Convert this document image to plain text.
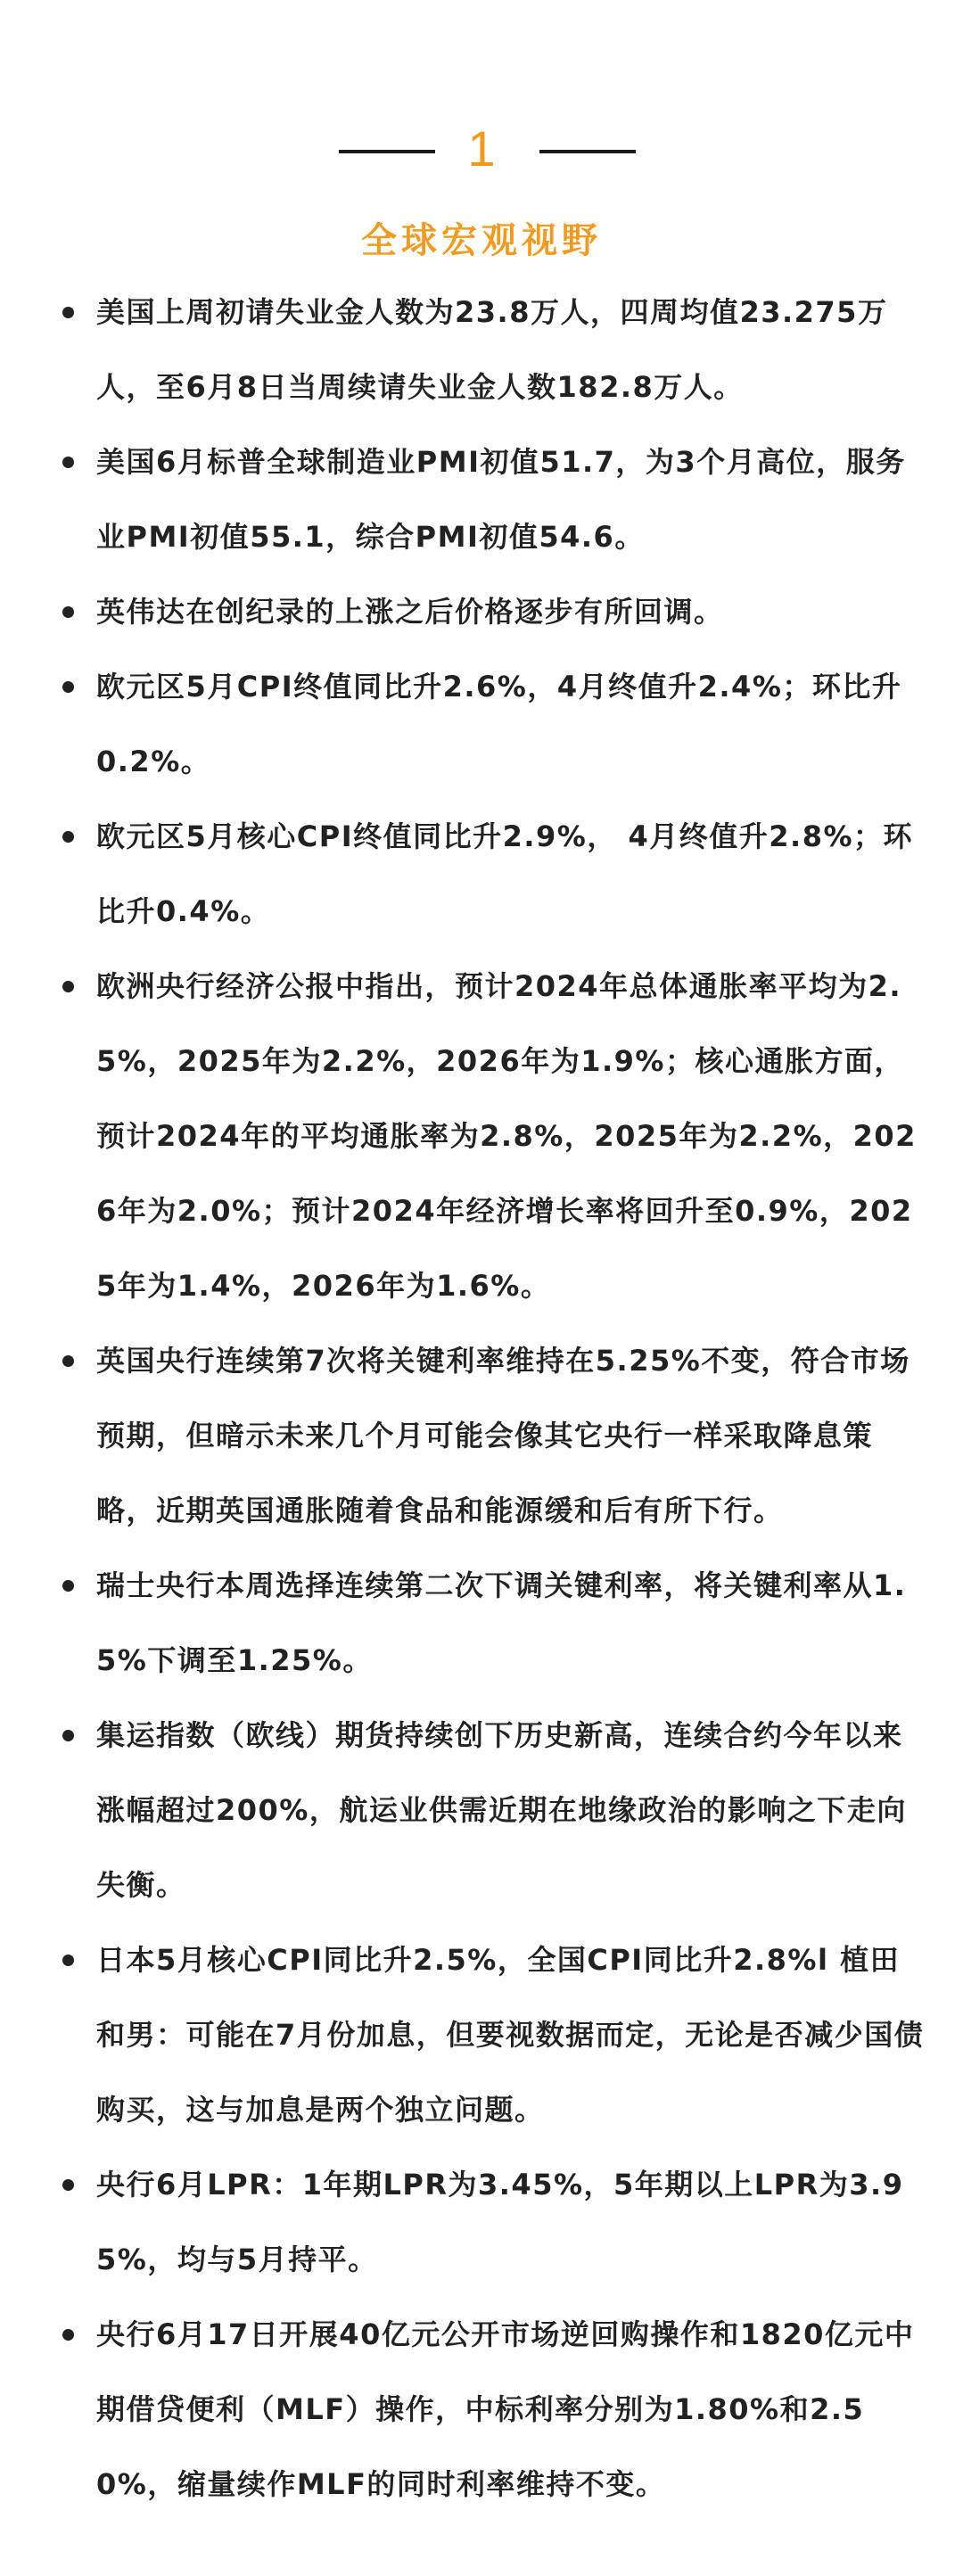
1
全球宏观视野
美国上周初请失业金人数为23.8万人，四周均值23.275万人，至6月8日当周续请失业金人数182.8万人。
美国6月标普全球制造业PMI初值51.7，为3个月高位，服务业PMI初值55.1，综合PMI初值54.6。
英伟达在创纪录的上涨之后价格逐步有所回调。
欧元区5月CPI终值同比升2.6%，4月终值升2.4%；环比升0.2%。
欧元区5月核心CPI终值同比升2.9%， 4月终值升2.8%；环比升0.4%。
欧洲央行经济公报中指出，预计2024年总体通胀率平均为2.5%，2025年为2.2%，2026年为1.9%；核心通胀方面，预计2024年的平均通胀率为2.8%，2025年为2.2%，2026年为2.0%；预计2024年经济增长率将回升至0.9%，2025年为1.4%，2026年为1.6%。
英国央行连续第7次将关键利率维持在5.25%不变，符合市场预期，但暗示未来几个月可能会像其它央行一样采取降息策略，近期英国通胀随着食品和能源缓和后有所下行。
瑞士央行本周选择连续第二次下调关键利率，将关键利率从1.5%下调至1.25%。
集运指数（欧线）期货持续创下历史新高，连续合约今年以来涨幅超过200%，航运业供需近期在地缘政治的影响之下走向失衡。
日本5月核心CPI同比升2.5%，全国CPI同比升2.8%l 植田和男：可能在7月份加息，但要视数据而定，无论是否减少国债购买，这与加息是两个独立问题。
央行6月LPR：1年期LPR为3.45%，5年期以上LPR为3.95%，均与5月持平。
央行6月17日开展40亿元公开市场逆回购操作和1820亿元中期借贷便利（MLF）操作，中标利率分别为1.80%和2.50%，缩量续作MLF的同时利率维持不变。
